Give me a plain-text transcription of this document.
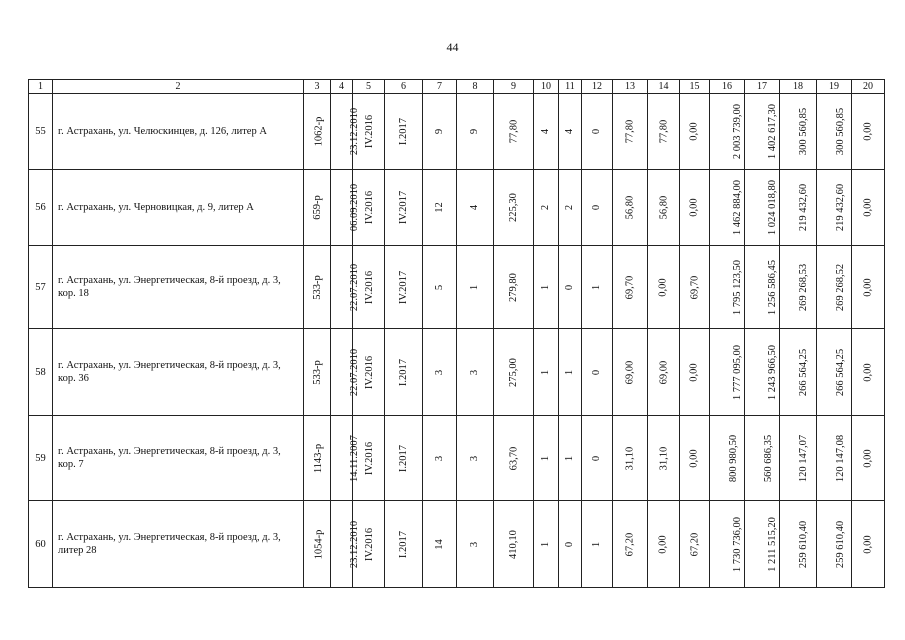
44
1	2	3	4	5	6	7	8	9	10	11	12	13	14	15	16	17	18	19	20
55	г. Астрахань, ул. Челюскинцев, д. 126, литер А	1062-р	23.12.2010	IV.2016	I.2017	9	9	77,80	4	4	0	77,80	77,80	0,00	2 003 739,00	1 402 617,30	300 560,85	300 560,85	0,00
56	г. Астрахань, ул. Черновицкая, д. 9, литер А	659-р	06.09.2010	IV.2016	IV.2017	12	4	225,30	2	2	0	56,80	56,80	0,00	1 462 884,00	1 024 018,80	219 432,60	219 432,60	0,00
57	г. Астрахань, ул. Энергетическая, 8-й проезд, д. 3, кор. 18	533-р	22.07.2010	IV.2016	IV.2017	5	1	279,80	1	0	1	69,70	0,00	69,70	1 795 123,50	1 256 586,45	269 268,53	269 268,52	0,00
58	г. Астрахань, ул. Энергетическая, 8-й проезд, д. 3, кор. 36	533-р	22.07.2010	IV.2016	I.2017	3	3	275,00	1	1	0	69,00	69,00	0,00	1 777 095,00	1 243 966,50	266 564,25	266 564,25	0,00
59	г. Астрахань, ул. Энергетическая, 8-й проезд, д. 3, кор. 7	1143-р	14.11.2007	IV.2016	I.2017	3	3	63,70	1	1	0	31,10	31,10	0,00	800 980,50	560 686,35	120 147,07	120 147,08	0,00
60	г. Астрахань, ул. Энергетическая, 8-й проезд, д. 3, литер 28	1054-р	23.12.2010	IV.2016	I.2017	14	3	410,10	1	0	1	67,20	0,00	67,20	1 730 736,00	1 211 515,20	259 610,40	259 610,40	0,00
